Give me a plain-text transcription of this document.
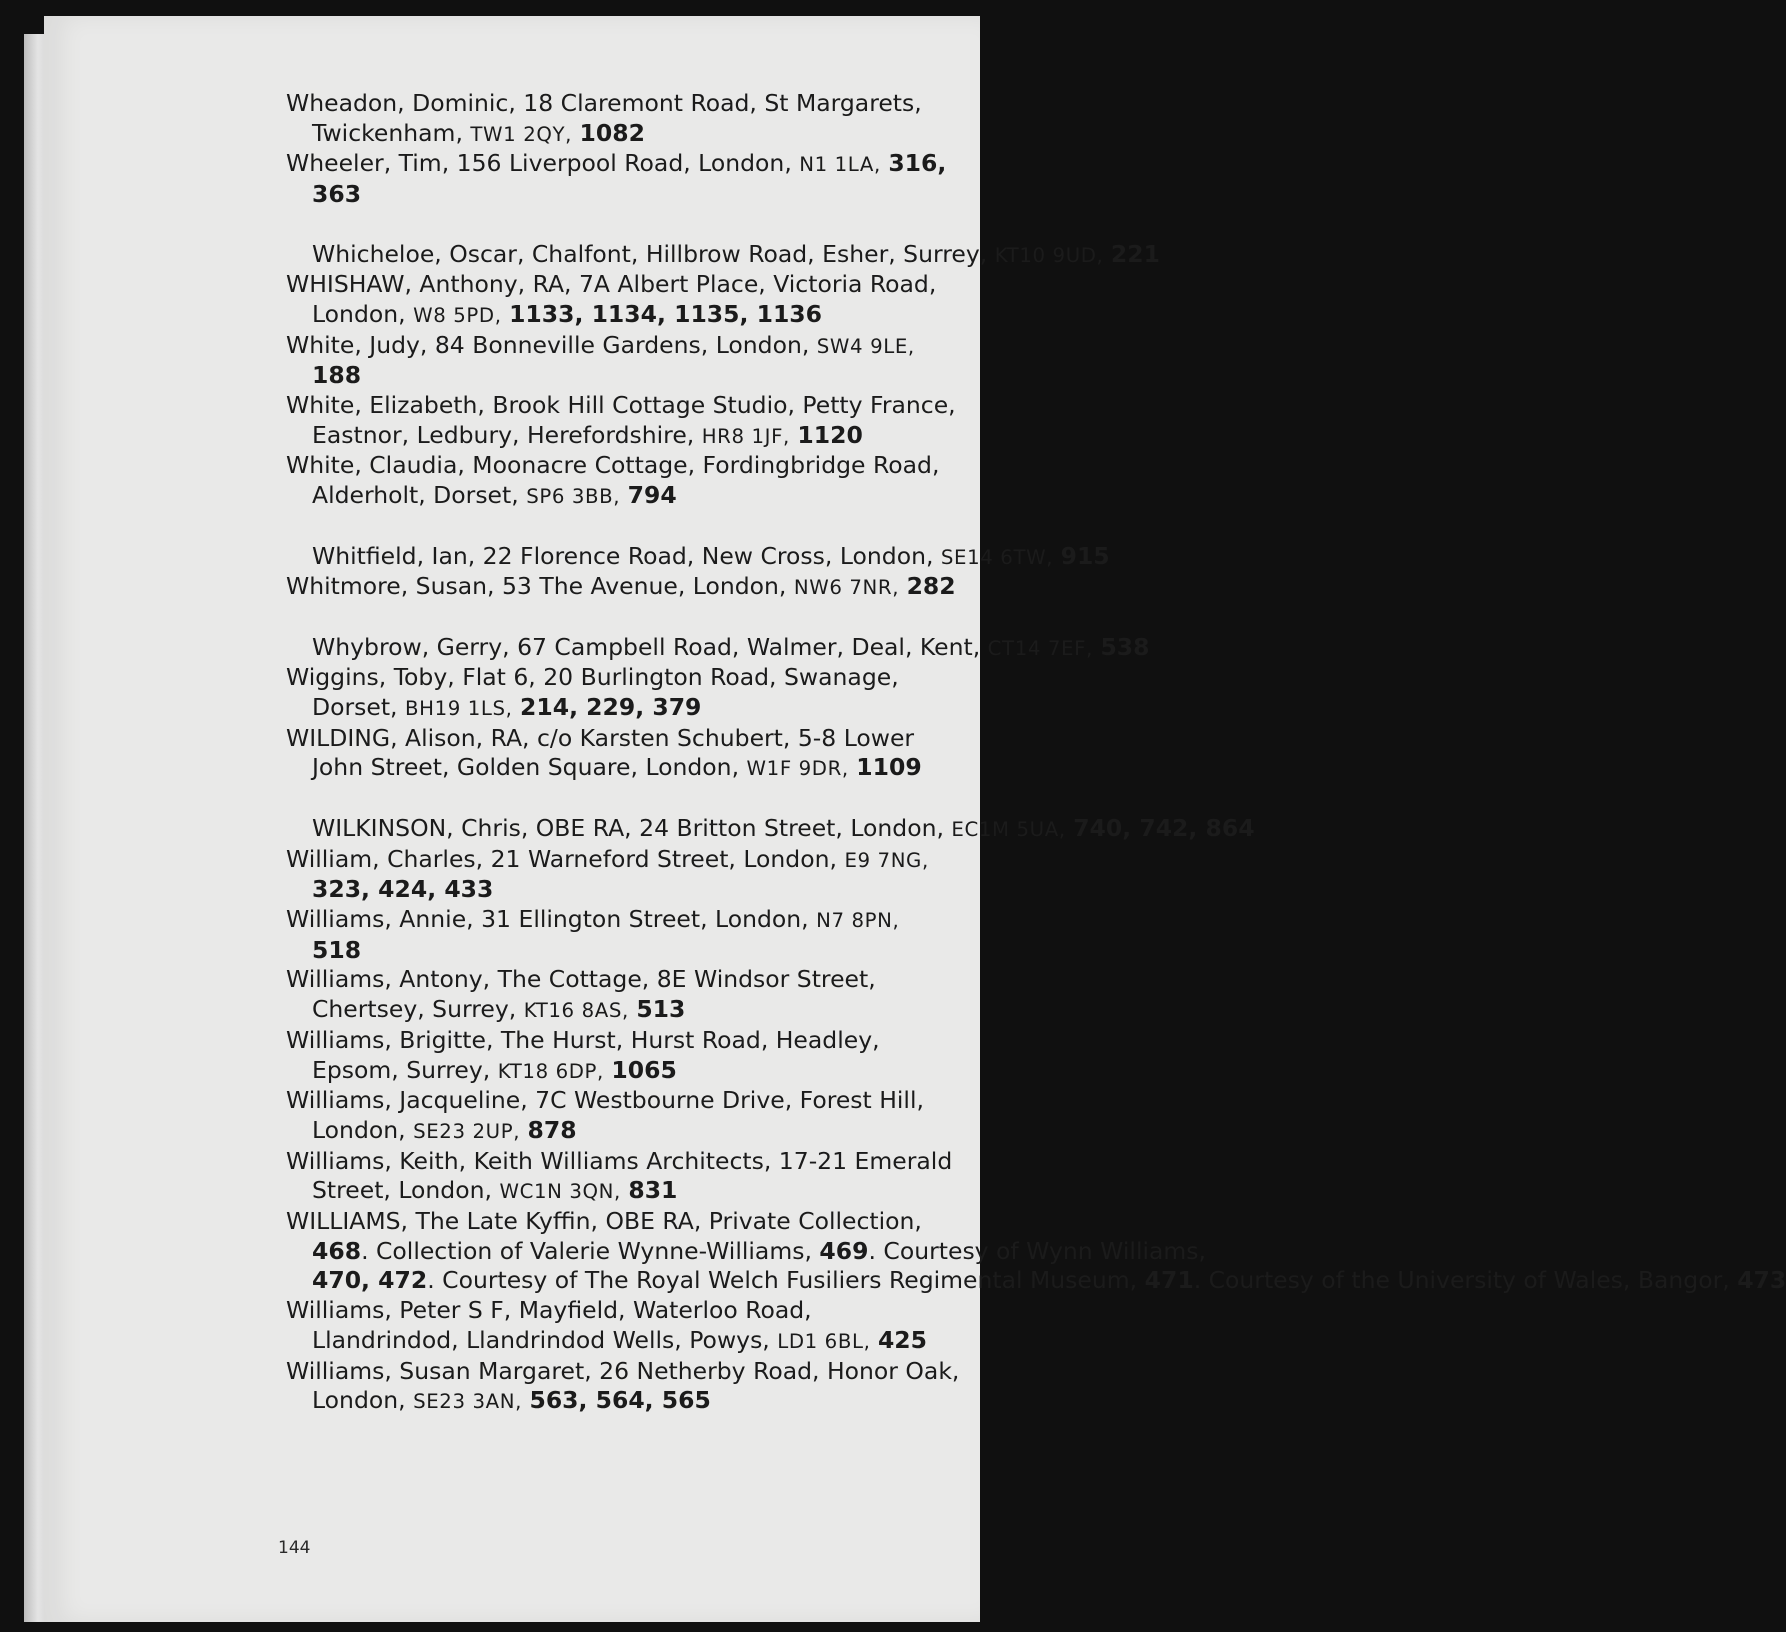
Wheadon, Dominic, 18 Claremont Road, St Margarets,
Twickenham, TW1 2QY, 1082
Wheeler, Tim, 156 Liverpool Road, London, N1 1LA, 316,
363

Whicheloe, Oscar, Chalfont, Hillbrow Road, Esher, Surrey, KT10 9UD, 221
WHISHAW, Anthony, RA, 7A Albert Place, Victoria Road,
London, W8 5PD, 1133, 1134, 1135, 1136
White, Judy, 84 Bonneville Gardens, London, SW4 9LE,
188
White, Elizabeth, Brook Hill Cottage Studio, Petty France,
Eastnor, Ledbury, Herefordshire, HR8 1JF, 1120
White, Claudia, Moonacre Cottage, Fordingbridge Road,
Alderholt, Dorset, SP6 3BB, 794

Whitfield, Ian, 22 Florence Road, New Cross, London, SE14 6TW, 915
Whitmore, Susan, 53 The Avenue, London, NW6 7NR, 282

Whybrow, Gerry, 67 Campbell Road, Walmer, Deal, Kent, CT14 7EF, 538
Wiggins, Toby, Flat 6, 20 Burlington Road, Swanage,
Dorset, BH19 1LS, 214, 229, 379
WILDING, Alison, RA, c/o Karsten Schubert, 5-8 Lower
John Street, Golden Square, London, W1F 9DR, 1109

WILKINSON, Chris, OBE RA, 24 Britton Street, London, EC1M 5UA, 740, 742, 864
William, Charles, 21 Warneford Street, London, E9 7NG,
323, 424, 433
Williams, Annie, 31 Ellington Street, London, N7 8PN,
518
Williams, Antony, The Cottage, 8E Windsor Street,
Chertsey, Surrey, KT16 8AS, 513
Williams, Brigitte, The Hurst, Hurst Road, Headley,
Epsom, Surrey, KT18 6DP, 1065
Williams, Jacqueline, 7C Westbourne Drive, Forest Hill,
London, SE23 2UP, 878
Williams, Keith, Keith Williams Architects, 17-21 Emerald
Street, London, WC1N 3QN, 831
WILLIAMS, The Late Kyffin, OBE RA, Private Collection,
468. Collection of Valerie Wynne-Williams, 469. Courtesy of Wynn Williams,
470, 472. Courtesy of The Royal Welch Fusiliers Regimental Museum, 471. Courtesy of the University of Wales, Bangor, 473
Williams, Peter S F, Mayfield, Waterloo Road,
Llandrindod, Llandrindod Wells, Powys, LD1 6BL, 425
Williams, Susan Margaret, 26 Netherby Road, Honor Oak,
London, SE23 3AN, 563, 564, 565
144
